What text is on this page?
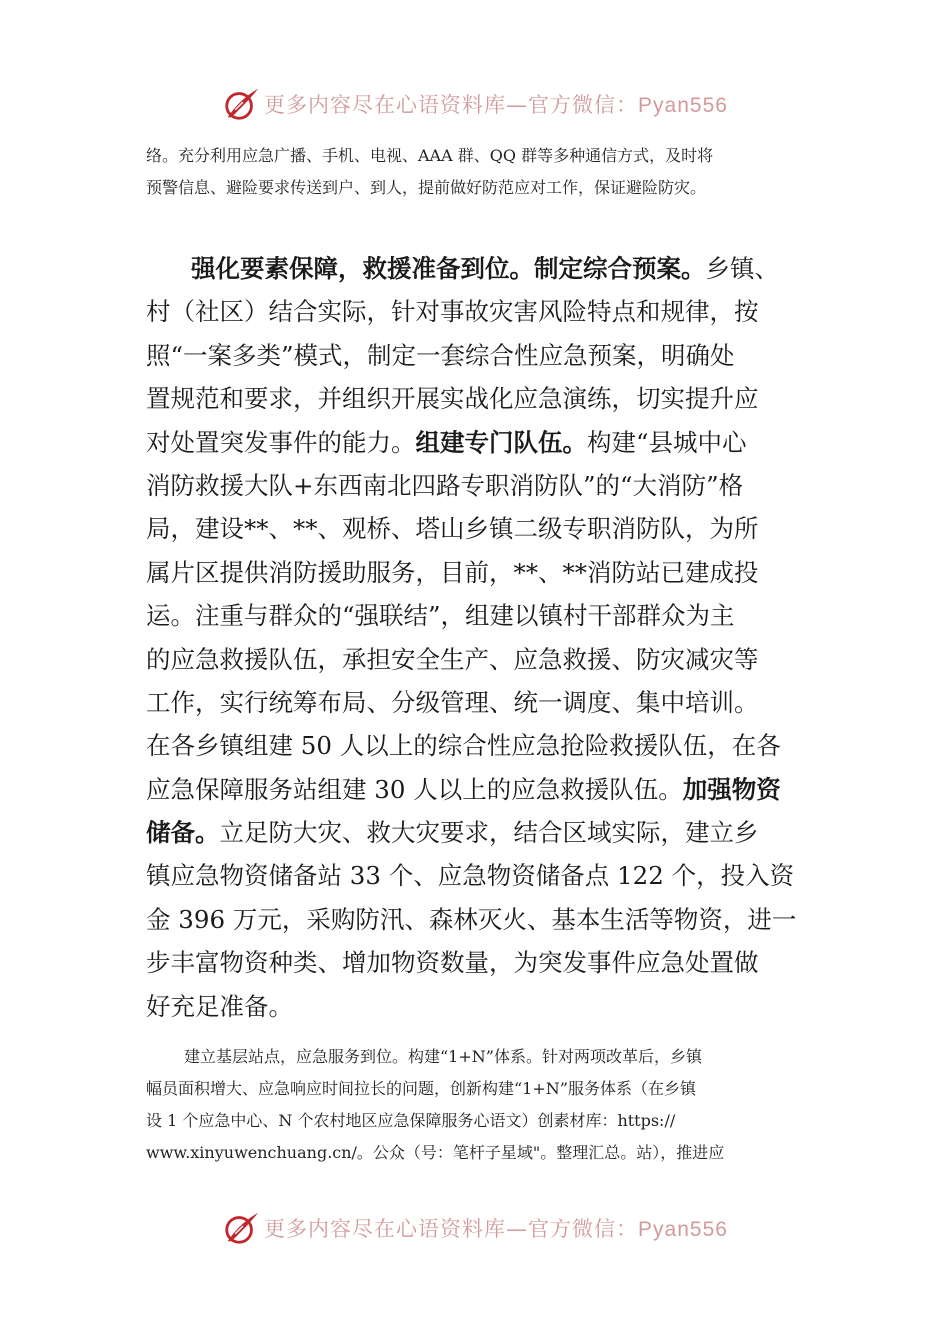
更多内容尽在心语资料库—官方微信：Pyan556

络。充分利用应急广播、手机、电视、AAA 群、QQ 群等多种通信方式，及时将

预警信息、避险要求传送到户、到人，提前做好防范应对工作，保证避险防灾。

强化要素保障，救援准备到位。制定综合预案。乡镇、
村（社区）结合实际，针对事故灾害风险特点和规律，按
照“一案多类”模式，制定一套综合性应急预案，明确处
置规范和要求，并组织开展实战化应急演练，切实提升应
对处置突发事件的能力。组建专门队伍。构建“县城中心
消防救援大队+东西南北四路专职消防队”的“大消防”格
局，建设**、**、观桥、塔山乡镇二级专职消防队，为所
属片区提供消防援助服务，目前，**、**消防站已建成投
运。注重与群众的“强联结”，组建以镇村干部群众为主
的应急救援队伍，承担安全生产、应急救援、防灾减灾等
工作，实行统筹布局、分级管理、统一调度、集中培训。
在各乡镇组建 50 人以上的综合性应急抢险救援队伍，在各
应急保障服务站组建 30 人以上的应急救援队伍。加强物资
储备。立足防大灾、救大灾要求，结合区域实际，建立乡
镇应急物资储备站 33 个、应急物资储备点 122 个，投入资
金 396 万元，采购防汛、森林灭火、基本生活等物资，进一
步丰富物资种类、增加物资数量，为突发事件应急处置做
好充足准备。

建立基层站点，应急服务到位。构建“1+N”体系。针对两项改革后，乡镇

幅员面积增大、应急响应时间拉长的问题，创新构建“1+N”服务体系（在乡镇

设 1 个应急中心、N 个农村地区应急保障服务心语文）创素材库：https://

www.xinyuwenchuang.cn/。公众（号：笔杆子星域"。整理汇总。站），推进应

更多内容尽在心语资料库—官方微信：Pyan556
